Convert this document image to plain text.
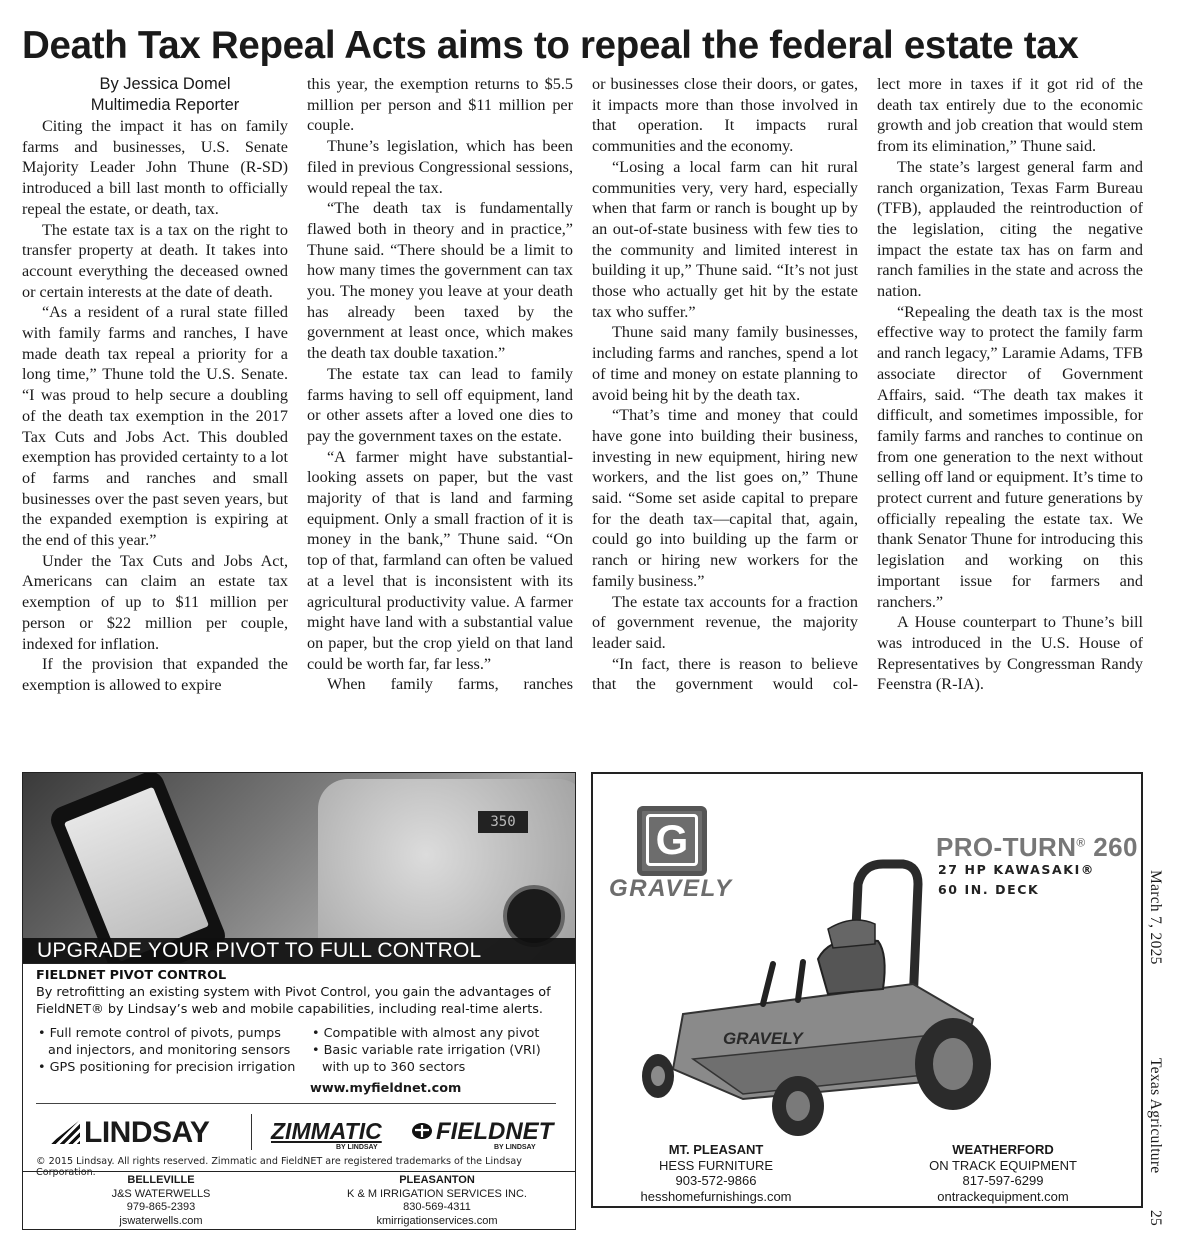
Death Tax Repeal Acts aims to repeal the federal estate tax

By Jessica Domel

Multimedia Reporter

Citing the impact it has on family farms and businesses, U.S. Senate Majority Leader John Thune (R-SD) introduced a bill last month to officially repeal the estate, or death, tax.

The estate tax is a tax on the right to transfer property at death. It takes into account everything the deceased owned or certain interests at the date of death.

“As a resident of a rural state filled with family farms and ranches, I have made death tax repeal a priority for a long time,” Thune told the U.S. Senate. “I was proud to help secure a doubling of the death tax exemption in the 2017 Tax Cuts and Jobs Act. This doubled exemption has provided certainty to a lot of farms and ranches and small businesses over the past seven years, but the expanded exemption is expiring at the end of this year.”

Under the Tax Cuts and Jobs Act, Americans can claim an estate tax exemption of up to $11 million per person or $22 million per couple, indexed for inflation.

If the provision that expanded the exemption is allowed to expire

this year, the exemption returns to $5.5 million per person and $11 million per couple.

Thune’s legislation, which has been filed in previous Congressional sessions, would repeal the tax.

“The death tax is fundamentally flawed both in theory and in practice,” Thune said. “There should be a limit to how many times the government can tax you. The money you leave at your death has already been taxed by the government at least once, which makes the death tax double taxation.”

The estate tax can lead to family farms having to sell off equipment, land or other assets after a loved one dies to pay the government taxes on the estate.

“A farmer might have substantial-looking assets on paper, but the vast majority of that is land and farming equipment. Only a small fraction of it is money in the bank,” Thune said. “On top of that, farmland can often be valued at a level that is inconsistent with its agricultural productivity value. A farmer might have land with a substantial value on paper, but the crop yield on that land could be worth far, far less.”

When family farms, ranches

or businesses close their doors, or gates, it impacts more than those involved in that operation. It impacts rural communities and the economy.

“Losing a local farm can hit rural communities very, very hard, especially when that farm or ranch is bought up by an out-of-state business with few ties to the community and limited interest in building it up,” Thune said. “It’s not just those who actually get hit by the estate tax who suffer.”

Thune said many family businesses, including farms and ranches, spend a lot of time and money on estate planning to avoid being hit by the death tax.

“That’s time and money that could have gone into building their business, investing in new equipment, hiring new workers, and the list goes on,” Thune said. “Some set aside capital to prepare for the death tax—capital that, again, could go into building up the farm or ranch or hiring new workers for the family business.”

The estate tax accounts for a fraction of government revenue, the majority leader said.

“In fact, there is reason to believe that the government would col-

lect more in taxes if it got rid of the death tax entirely due to the economic growth and job creation that would stem from its elimination,” Thune said.

The state’s largest general farm and ranch organization, Texas Farm Bureau (TFB), applauded the reintroduction of the legislation, citing the negative impact the estate tax has on farm and ranch families in the state and across the nation.

“Repealing the death tax is the most effective way to protect the family farm and ranch legacy,” Laramie Adams, TFB associate director of Government Affairs, said. “The death tax makes it difficult, and sometimes impossible, for family farms and ranches to continue on from one generation to the next without selling off land or equipment. It’s time to protect current and future generations by officially repealing the estate tax. We thank Senator Thune for introducing this legislation and working on this important issue for farmers and ranchers.”

A House counterpart to Thune’s bill was introduced in the U.S. House of Representatives by Congressman Randy Feenstra (R-IA).

350
UPGRADE YOUR PIVOT TO FULL CONTROL
FIELDNET PIVOT CONTROL
By retrofitting an existing system with Pivot Control, you gain the advantages of FieldNET® by Lindsay’s web and mobile capabilities, including real-time alerts.
• Full remote control of pivots, pumps and injectors, and monitoring sensors
• GPS positioning for precision irrigation
• Compatible with almost any pivot
• Basic variable rate irrigation (VRI) with up to 360 sectors
www.myfieldnet.com
LINDSAY	ZIMMATIC
BY LINDSAY
FIELDNET
BY LINDSAY
© 2015 Lindsay. All rights reserved. Zimmatic and FieldNET are registered trademarks of the Lindsay Corporation.
BELLEVILLE
J&S WATERWELLS
979-865-2393
jswaterwells.com
PLEASANTON
K & M IRRIGATION SERVICES INC.
830-569-4311
kmirrigationservices.com
G
GRAVELY
PRO-TURN® 260
27 HP KAWASAKI®
60 IN. DECK
GRAVELY
MT. PLEASANT
HESS FURNITURE
903-572-9866
hesshomefurnishings.com
WEATHERFORD
ON TRACK EQUIPMENT
817-597-6299
ontrackequipment.com
March 7, 2025
Texas Agriculture
25
